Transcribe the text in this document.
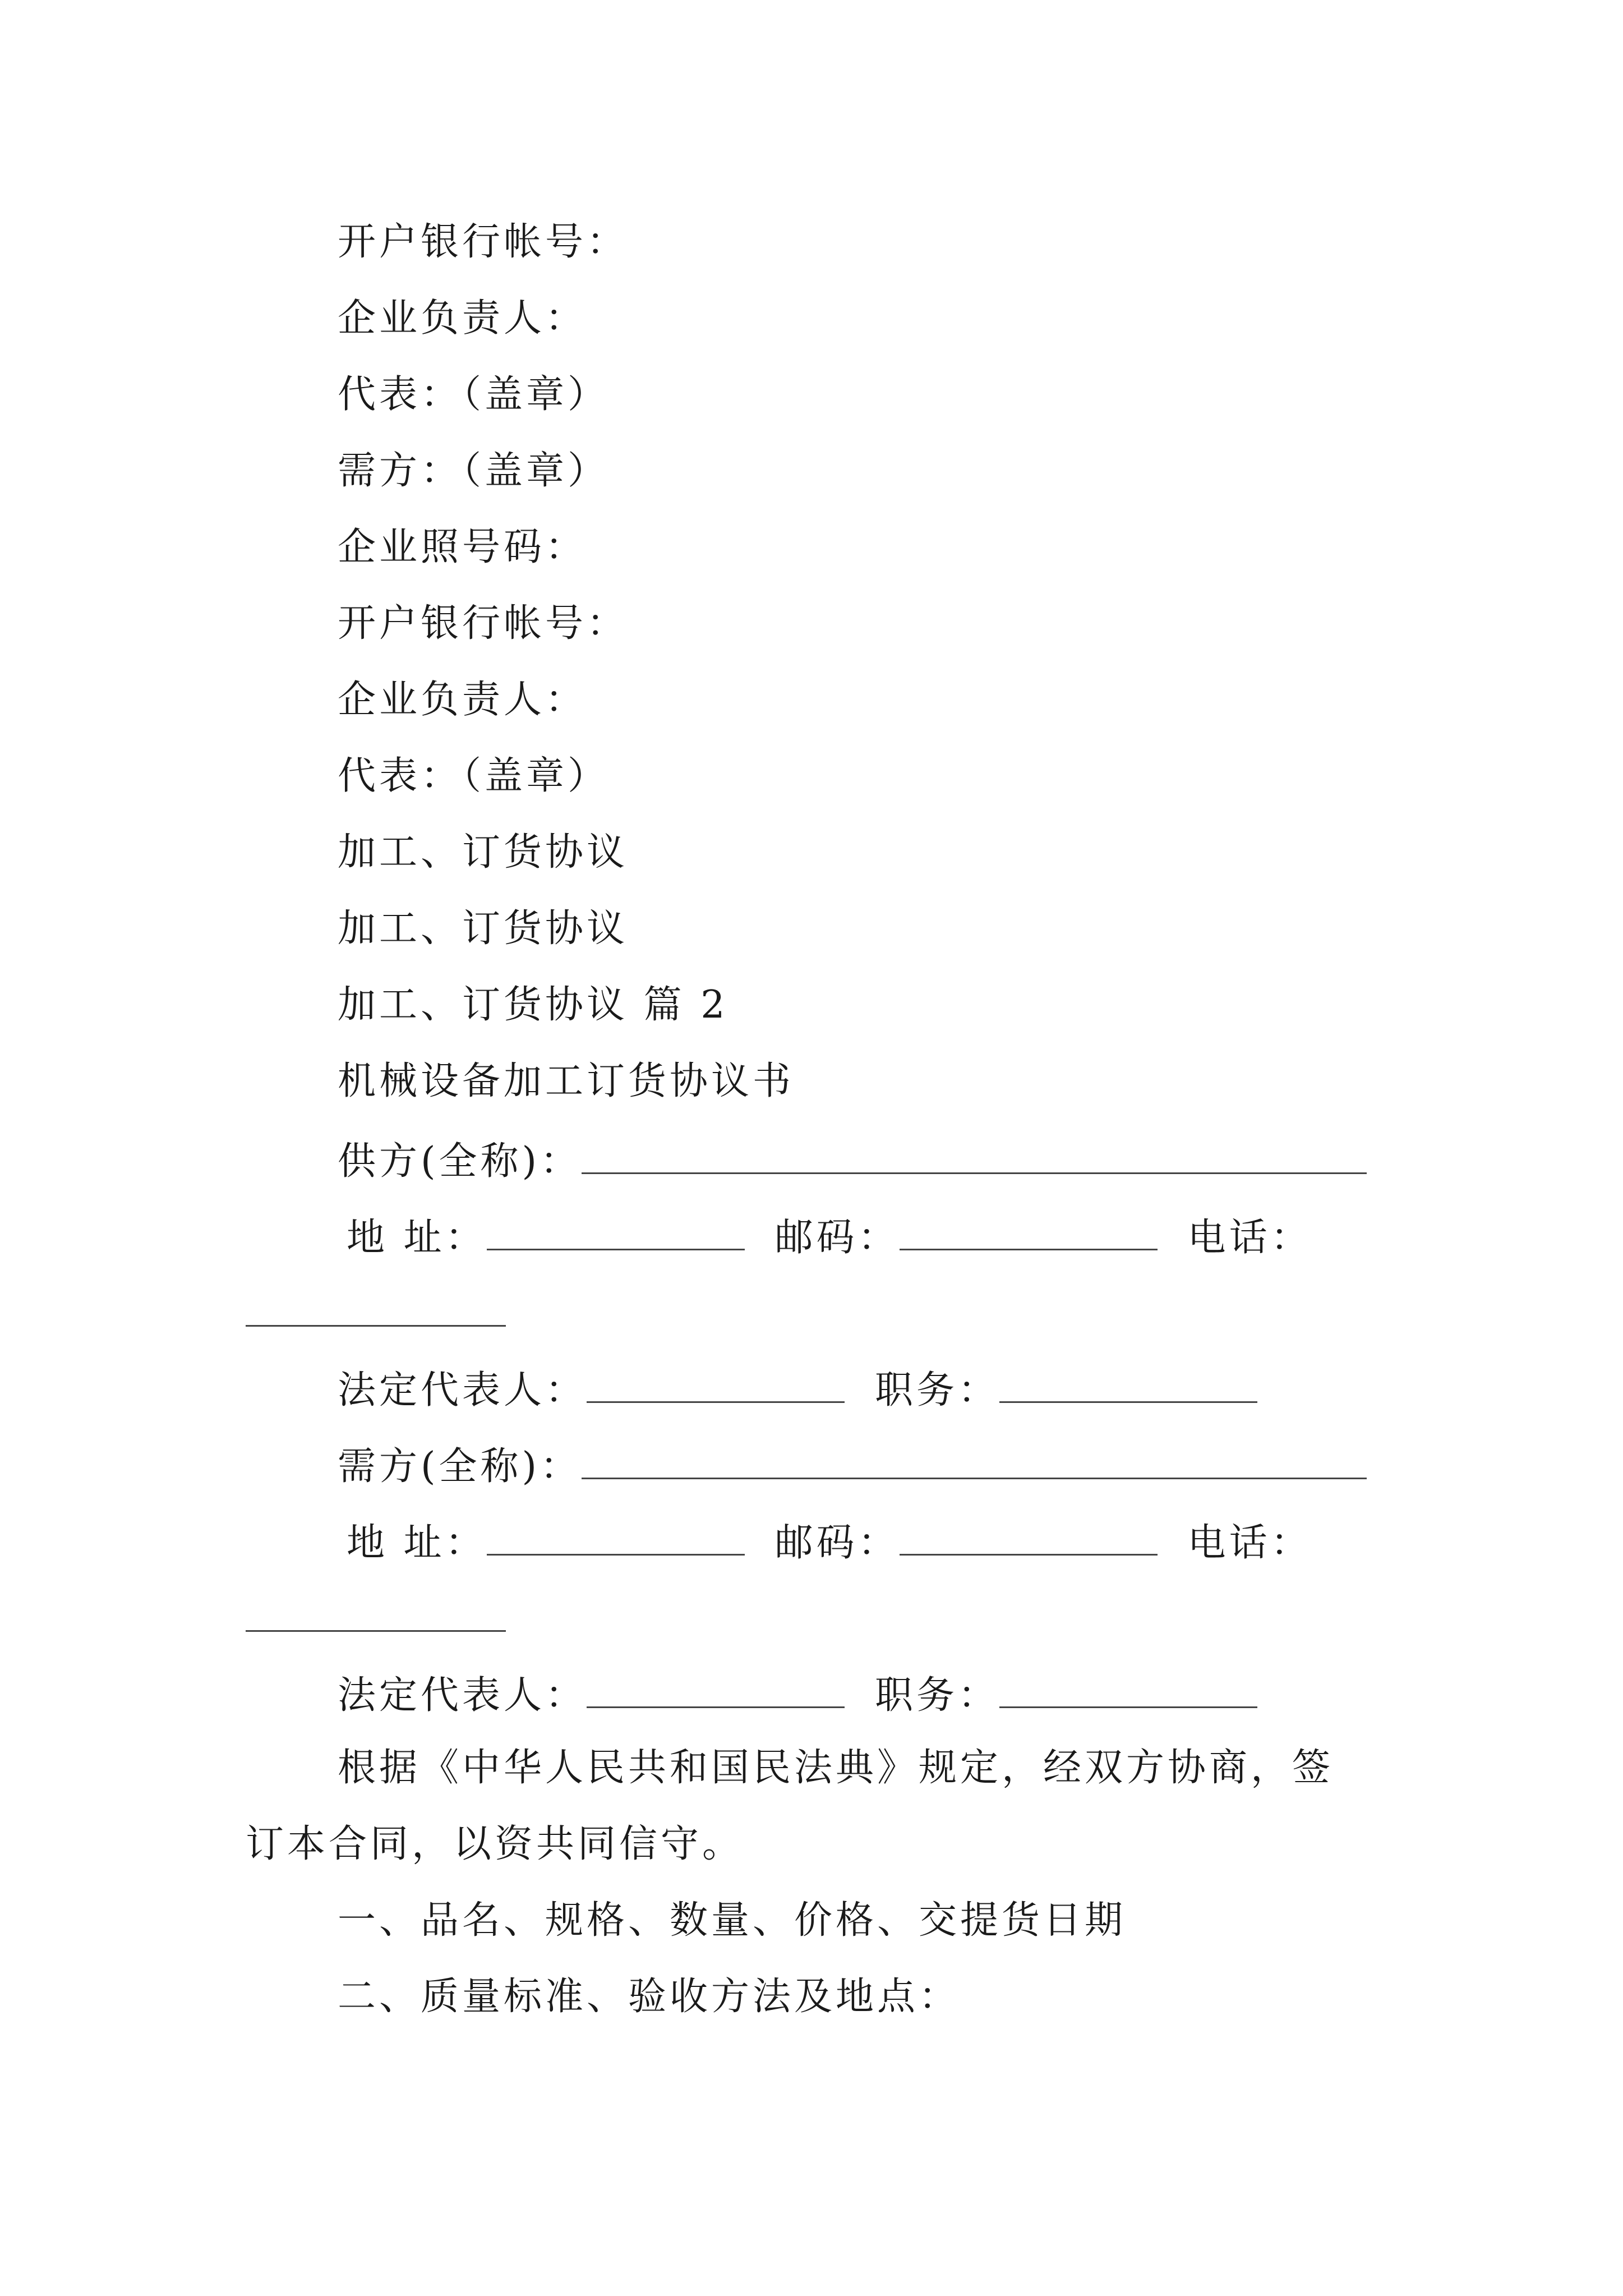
开户银行帐号：
企业负责人：
代表：（盖章）
需方：（盖章）
企业照号码：
开户银行帐号：
企业负责人：
代表：（盖章）
加工、订货协议
加工、订货协议
加工、订货协议 篇 2
机械设备加工订货协议书
供方(全称)：
地 址：	邮码：	电话：
法定代表人：	职务：
需方(全称)：
地 址：	邮码：	电话：
法定代表人：	职务：
根据《中华人民共和国民法典》规定，经双方协商，签
订本合同，以资共同信守。
一、品名、规格、数量、价格、交提货日期
二、质量标准、验收方法及地点：
